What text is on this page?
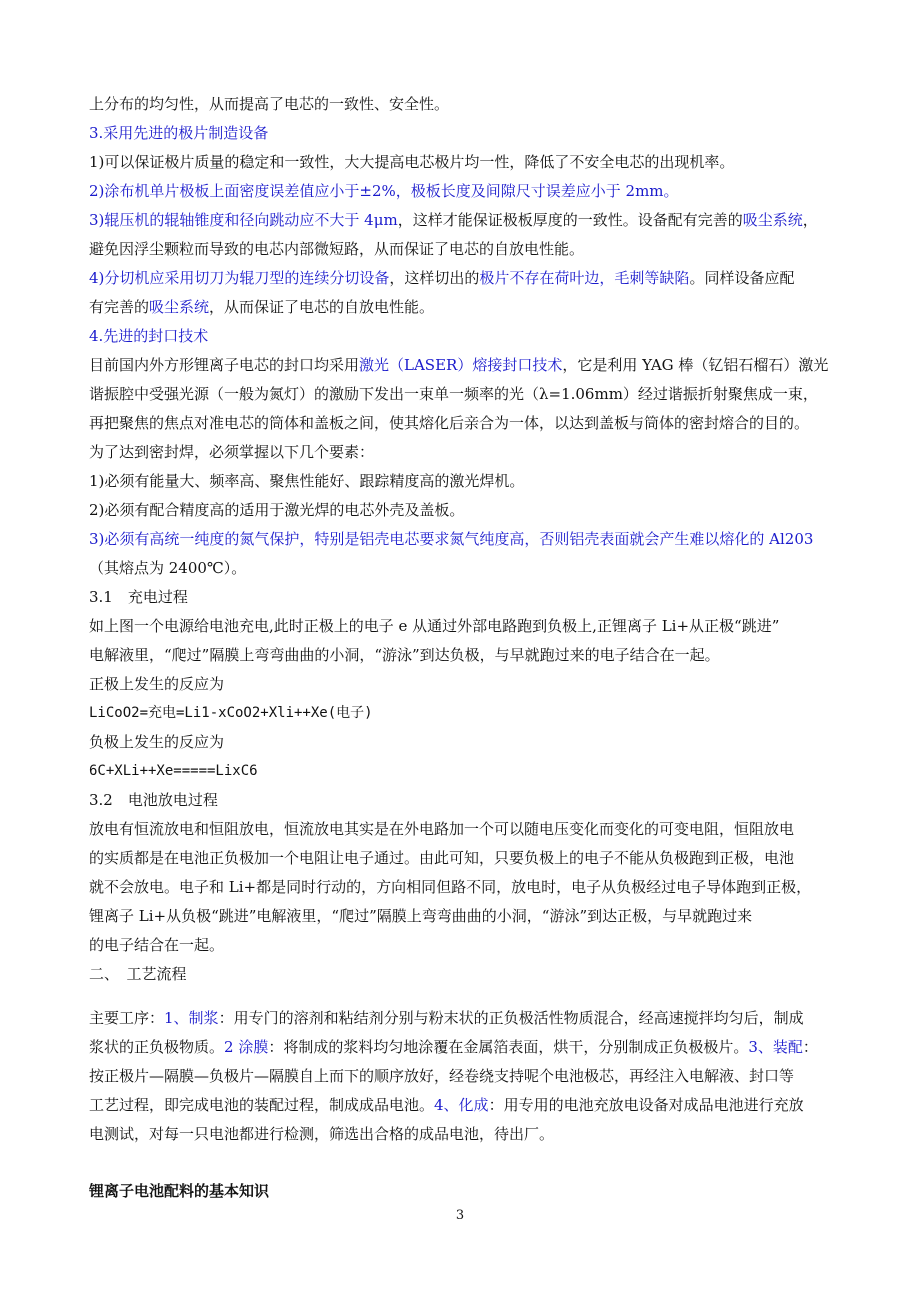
上分布的均匀性，从而提高了电芯的一致性、安全性。
3.采用先进的极片制造设备
1)可以保证极片质量的稳定和一致性，大大提高电芯极片均一性，降低了不安全电芯的出现机率。
2)涂布机单片极板上面密度误差值应小于±2%，极板长度及间隙尺寸误差应小于 2mm。
3)辊压机的辊轴锥度和径向跳动应不大于 4μm，这样才能保证极板厚度的一致性。设备配有完善的吸尘系统，
避免因浮尘颗粒而导致的电芯内部微短路，从而保证了电芯的自放电性能。
4)分切机应采用切刀为辊刀型的连续分切设备，这样切出的极片不存在荷叶边，毛刺等缺陷。同样设备应配
有完善的吸尘系统，从而保证了电芯的自放电性能。
4.先进的封口技术
目前国内外方形锂离子电芯的封口均采用激光（LASER）熔接封口技术，它是利用 YAG 棒（钇铝石榴石）激光
谐振腔中受强光源（一般为氮灯）的激励下发出一束单一频率的光（λ=1.06mm）经过谐振折射聚焦成一束，
再把聚焦的焦点对准电芯的筒体和盖板之间，使其熔化后亲合为一体，以达到盖板与筒体的密封熔合的目的。
为了达到密封焊，必须掌握以下几个要素：
1)必须有能量大、频率高、聚焦性能好、跟踪精度高的激光焊机。
2)必须有配合精度高的适用于激光焊的电芯外壳及盖板。
3)必须有高统一纯度的氮气保护，特别是铝壳电芯要求氮气纯度高，否则铝壳表面就会产生难以熔化的 Al203
（其熔点为 2400℃）。
3.1　充电过程
如上图一个电源给电池充电,此时正极上的电子 e 从通过外部电路跑到负极上,正锂离子 Li+从正极“跳进”
电解液里，“爬过”隔膜上弯弯曲曲的小洞，“游泳”到达负极，与早就跑过来的电子结合在一起。
正极上发生的反应为
LiCoO2=充电=Li1-xCoO2+Xli++Xe(电子)
负极上发生的反应为
6C+XLi++Xe=====LixC6
3.2　电池放电过程
放电有恒流放电和恒阻放电，恒流放电其实是在外电路加一个可以随电压变化而变化的可变电阻，恒阻放电
的实质都是在电池正负极加一个电阻让电子通过。由此可知，只要负极上的电子不能从负极跑到正极，电池
就不会放电。电子和 Li+都是同时行动的，方向相同但路不同，放电时，电子从负极经过电子导体跑到正极，
锂离子 Li+从负极“跳进”电解液里，“爬过”隔膜上弯弯曲曲的小洞，“游泳”到达正极，与早就跑过来
的电子结合在一起。
二、　工艺流程
主要工序：1、制浆：用专门的溶剂和粘结剂分别与粉末状的正负极活性物质混合，经高速搅拌均匀后，制成
浆状的正负极物质。2 涂膜：将制成的浆料均匀地涂覆在金属箔表面，烘干，分别制成正负极极片。3、装配：
按正极片—隔膜—负极片—隔膜自上而下的顺序放好，经卷绕支持呢个电池极芯，再经注入电解液、封口等
工艺过程，即完成电池的装配过程，制成成品电池。4、化成：用专用的电池充放电设备对成品电池进行充放
电测试，对每一只电池都进行检测，筛选出合格的成品电池，待出厂。
锂离子电池配料的基本知识
3
